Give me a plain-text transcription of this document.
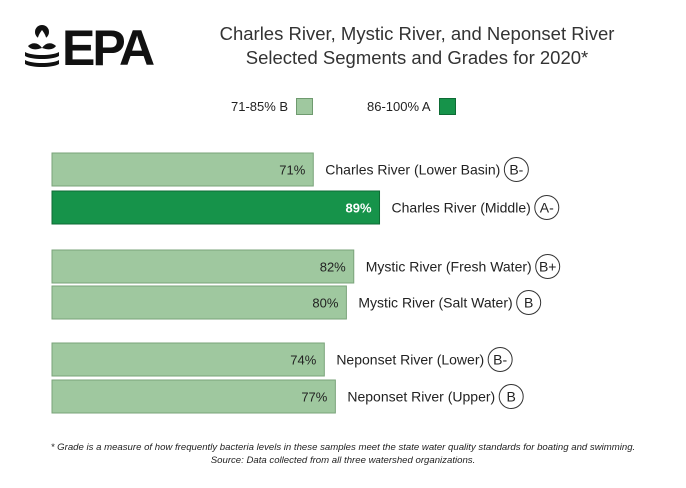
EPA	Charles River, Mystic River, and Neponset River
Selected Segments and Grades for 2020*
71-85% B	86-100% A
71% Charles River (Lower Basin) B-
89% Charles River (Middle) A-
82% Mystic River (Fresh Water) B+
80% Mystic River (Salt Water) B
74% Neponset River (Lower) B-
77% Neponset River (Upper) B
* Grade is a measure of how frequently bacteria levels in these samples meet the state water quality standards for boating and swimming.
Source: Data collected from all three watershed organizations.
